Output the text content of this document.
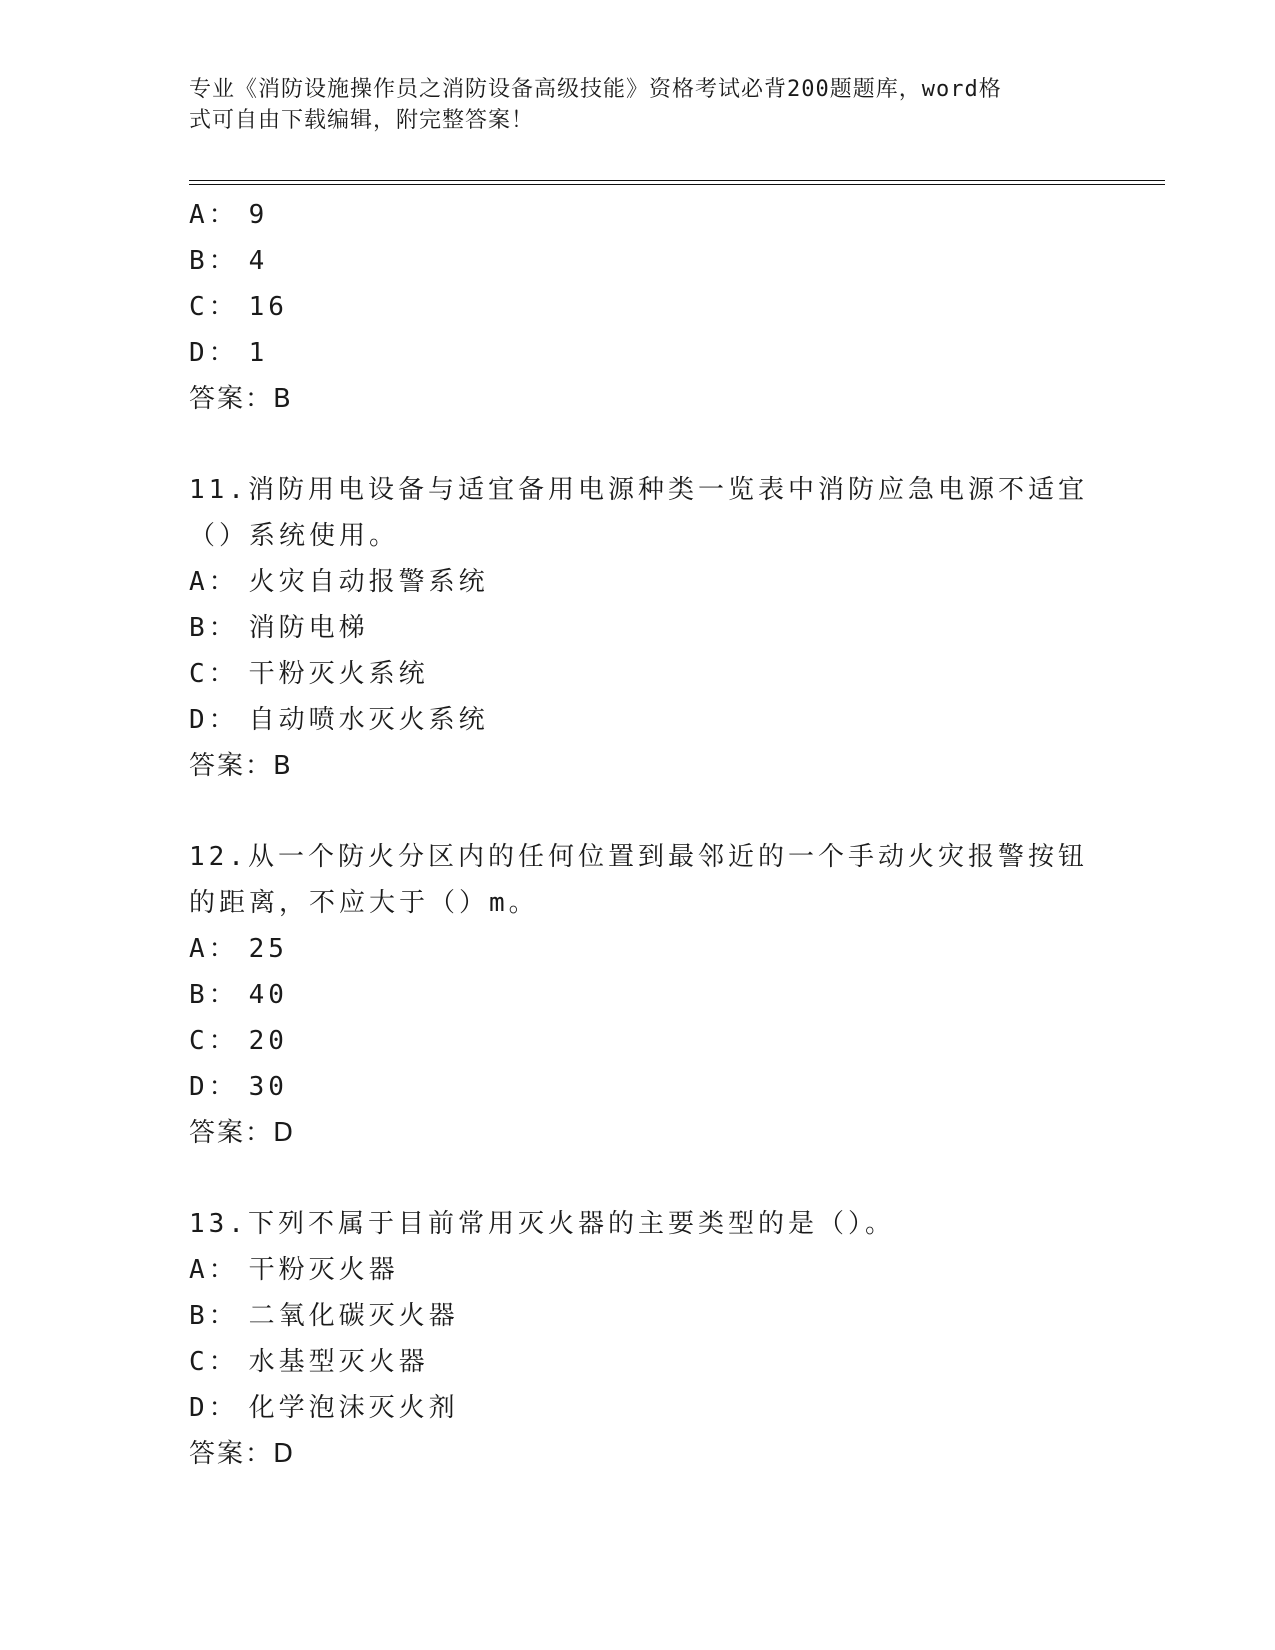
专业《消防设施操作员之消防设备高级技能》资格考试必背200题题库，word格
式可自由下载编辑，附完整答案！
A： 9
B： 4
C： 16
D： 1
答案：B
11.消防用电设备与适宜备用电源种类一览表中消防应急电源不适宜（）系统使用。
A： 火灾自动报警系统
B： 消防电梯
C： 干粉灭火系统
D： 自动喷水灭火系统
答案：B
12.从一个防火分区内的任何位置到最邻近的一个手动火灾报警按钮的距离，不应大于（）m。
A： 25
B： 40
C： 20
D： 30
答案：D
13.下列不属于目前常用灭火器的主要类型的是（）。
A： 干粉灭火器
B： 二氧化碳灭火器
C： 水基型灭火器
D： 化学泡沫灭火剂
答案：D
